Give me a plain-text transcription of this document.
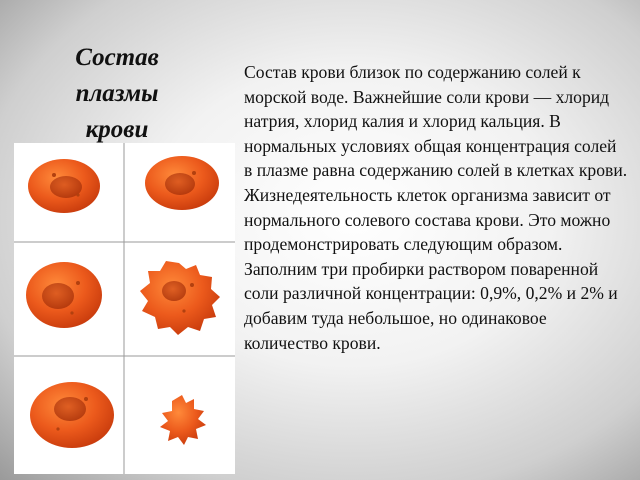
Состав плазмы крови

Состав крови близок по содержанию солей к морской воде. Важнейшие соли крови — хлорид натрия, хлорид калия и хлорид кальция. В нормальных условиях общая концентрация солей в плазме равна содержанию солей в клетках крови.

Жизнедеятельность клеток организма зависит от нормального солевого состава крови. Это можно продемонстрировать следующим образом. Заполним три пробирки раствором поваренной соли различной концентрации: 0,9%, 0,2% и 2% и добавим туда небольшое, но одинаковое количество крови.
